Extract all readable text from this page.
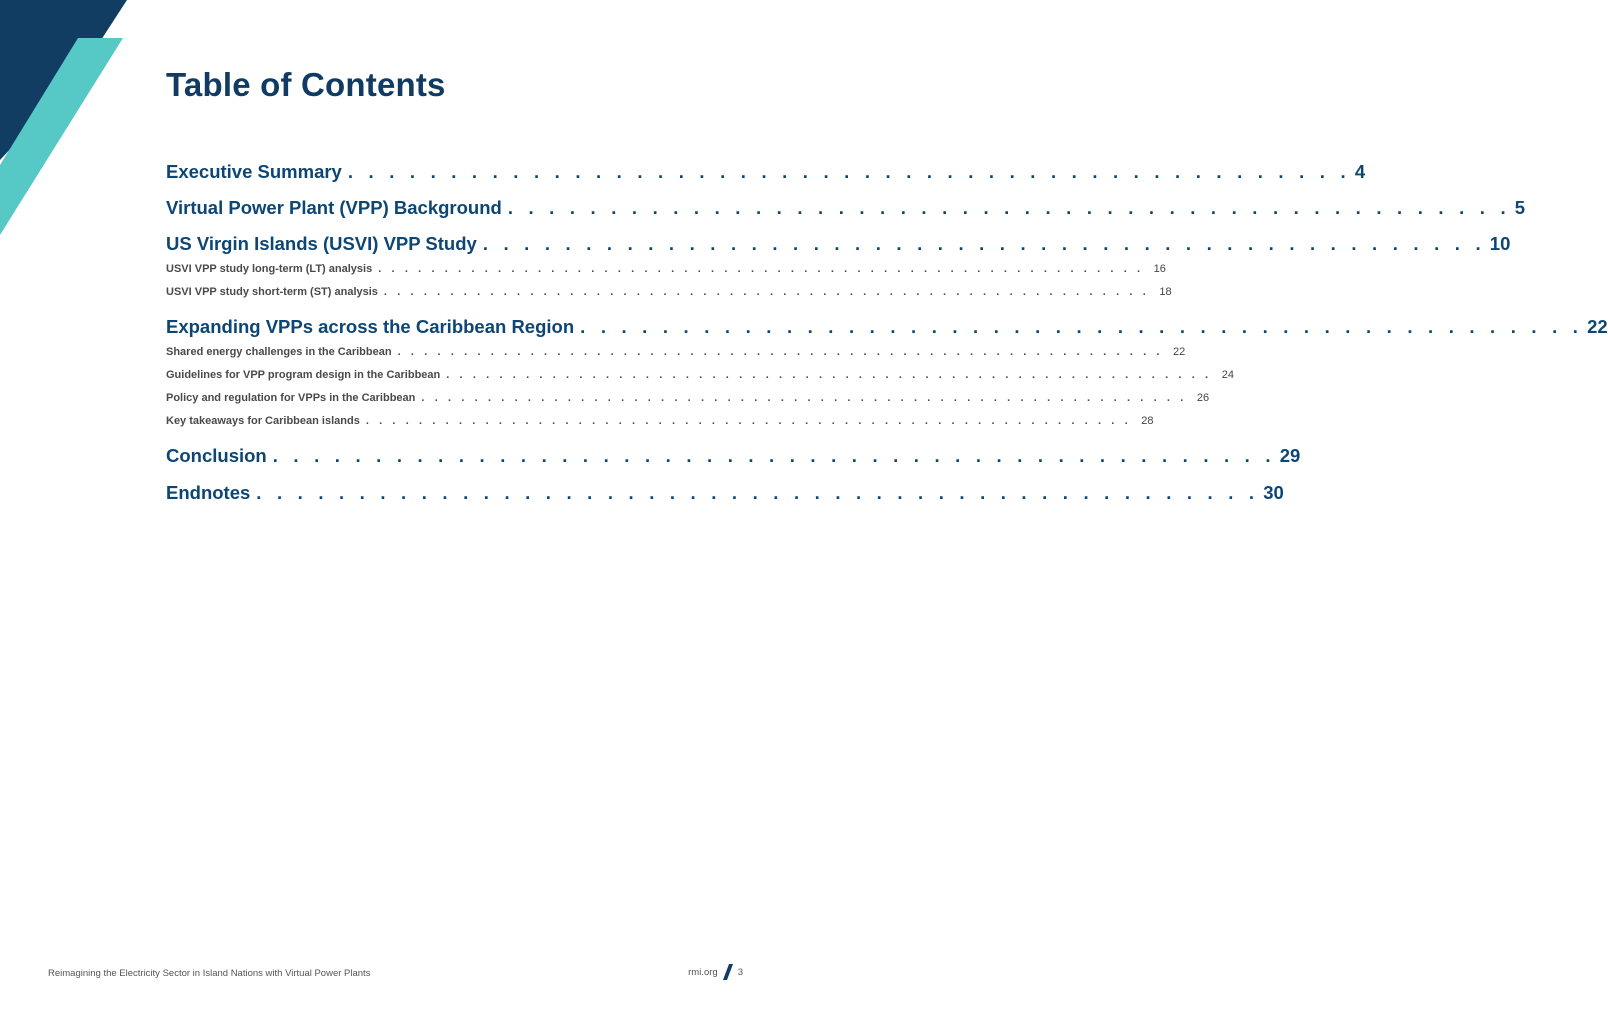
Table of Contents
Executive Summary . . . . . . . . . . . . . . . . . . . . . . . . . . . . . . . . . . . . . . . . . . . . . . . . . 4
Virtual Power Plant (VPP) Background . . . . . . . . . . . . . . . . . . . . . . . . . . . . . . . . . . . . . . . . . . . . . . . . . 5
US Virgin Islands (USVI) VPP Study . . . . . . . . . . . . . . . . . . . . . . . . . . . . . . . . . . . . . . . . . . . . . . . . . 10
USVI VPP study long-term (LT) analysis . . . . . . . . . . . . . . . . . . . . . . . . . . . . . . . . . . . . . . . . . . . . . . . . . . . . . . . . . . 16
USVI VPP study short-term (ST) analysis . . . . . . . . . . . . . . . . . . . . . . . . . . . . . . . . . . . . . . . . . . . . . . . . . . . . . . . . . . 18
Expanding VPPs across the Caribbean Region . . . . . . . . . . . . . . . . . . . . . . . . . . . . . . . . . . . . . . . . . . . . . . . . . 22
Shared energy challenges in the Caribbean . . . . . . . . . . . . . . . . . . . . . . . . . . . . . . . . . . . . . . . . . . . . . . . . . . . . . . . . . . 22
Guidelines for VPP program design in the Caribbean . . . . . . . . . . . . . . . . . . . . . . . . . . . . . . . . . . . . . . . . . . . . . . . . . . . . . . . . . . 24
Policy and regulation for VPPs in the Caribbean . . . . . . . . . . . . . . . . . . . . . . . . . . . . . . . . . . . . . . . . . . . . . . . . . . . . . . . . . . 26
Key takeaways for Caribbean islands . . . . . . . . . . . . . . . . . . . . . . . . . . . . . . . . . . . . . . . . . . . . . . . . . . . . . . . . . . 28
Conclusion . . . . . . . . . . . . . . . . . . . . . . . . . . . . . . . . . . . . . . . . . . . . . . . . . 29
Endnotes . . . . . . . . . . . . . . . . . . . . . . . . . . . . . . . . . . . . . . . . . . . . . . . . . 30
Reimagining the Electricity Sector in Island Nations with Virtual Power Plants	rmi.org 3
